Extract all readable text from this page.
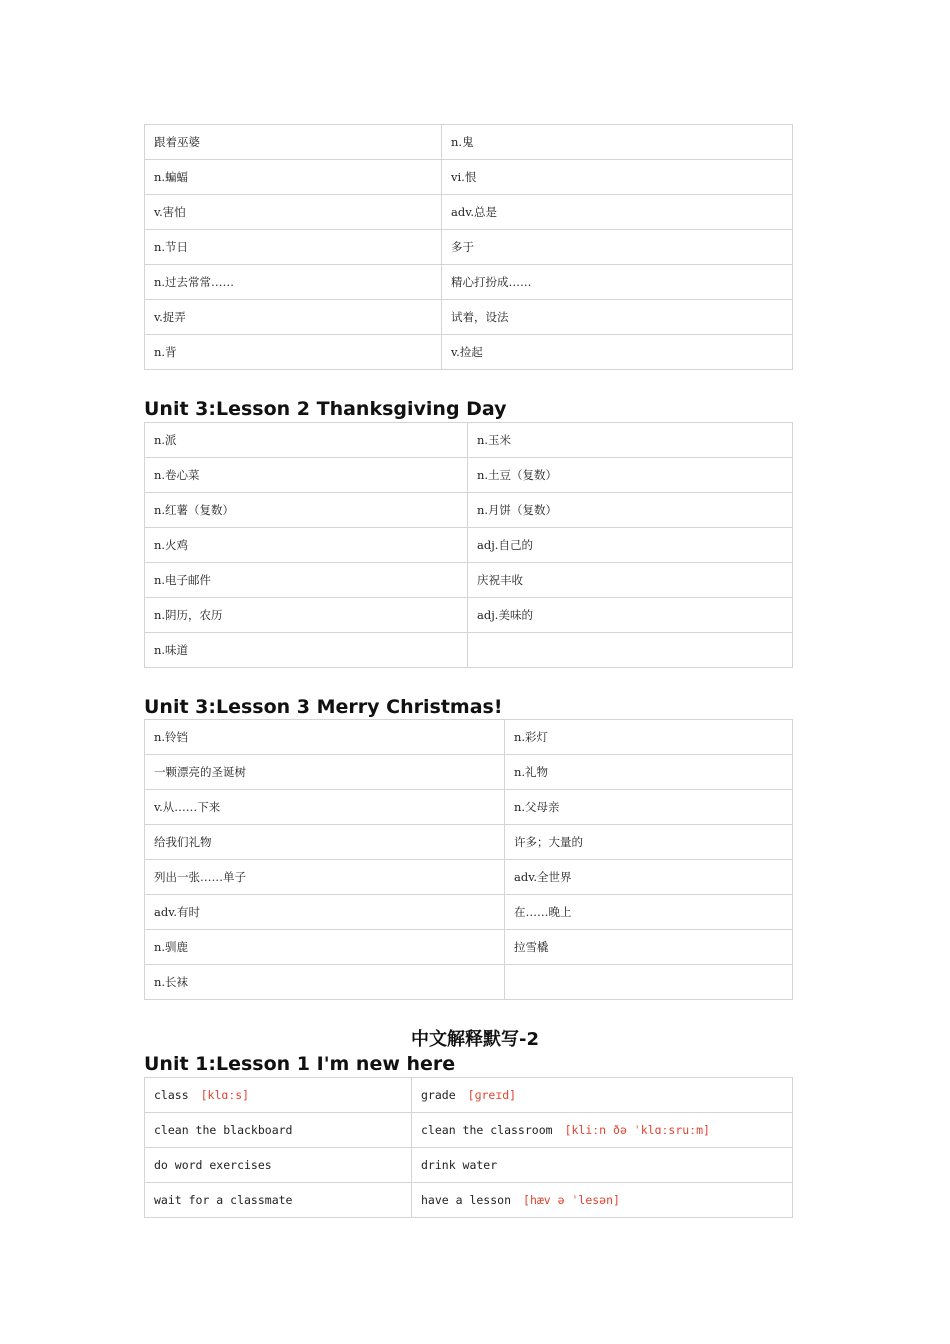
跟着巫婆	n.鬼
n.蝙蝠	vi.恨
v.害怕	adv.总是
n.节日	多于
n.过去常常……	精心打扮成……
v.捉弄	试着，设法
n.背	v.捡起
Unit 3:Lesson 2 Thanksgiving Day
n.派	n.玉米
n.卷心菜	n.土豆（复数）
n.红薯（复数）	n.月饼（复数）
n.火鸡	adj.自己的
n.电子邮件	庆祝丰收
n.阴历，农历	adj.美味的
n.味道	
Unit 3:Lesson 3 Merry Christmas!
n.铃铛	n.彩灯
一颗漂亮的圣诞树	n.礼物
v.从……下来	n.父母亲
给我们礼物	许多；大量的
列出一张……单子	adv.全世界
adv.有时	在……晚上
n.驯鹿	拉雪橇
n.长袜	
中文解释默写-2
Unit 1:Lesson 1 I'm new here
class [klɑːs]	grade [ɡreɪd]
clean the blackboard	clean the classroom [kliːn ðə ˈklɑːsruːm]
do word exercises	drink water
wait for a classmate	have a lesson [hæv ə ˈlesən]
